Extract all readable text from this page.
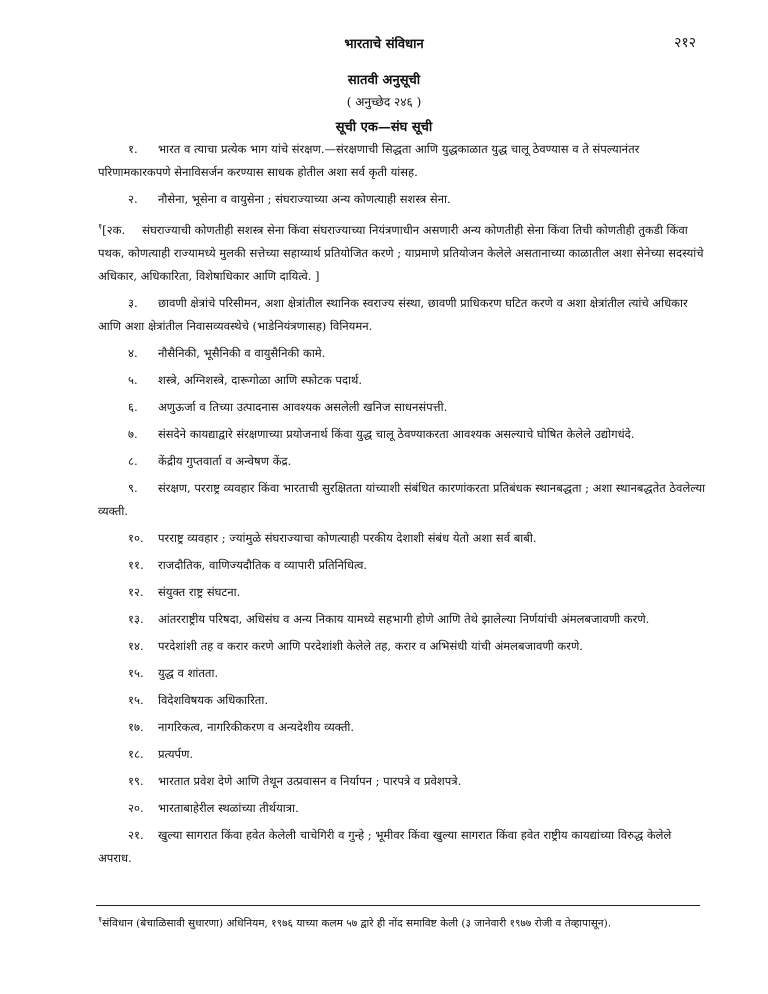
भारताचे संविधान	२१२
सातवी अनुसूची
( अनुच्छेद २४६ )
सूची एक—संघ सूची

१. भारत व त्याचा प्रत्येक भाग यांचे संरक्षण.—संरक्षणाची सिद्धता आणि युद्धकाळात युद्ध चालू ठेवण्यास व ते संपल्यानंतर परिणामकारकपणे सेनाविसर्जन करण्यास साधक होतील अशा सर्व कृती यांसह.

२. नौसेना, भूसेना व वायुसेना ; संघराज्याच्या अन्य कोणत्याही सशस्त्र सेना.

$^१$[२क. संघराज्याची कोणतीही सशस्त्र सेना किंवा संघराज्याच्या नियंत्रणाधीन असणारी अन्य कोणतीही सेना किंवा तिची कोणतीही तुकडी किंवा पथक, कोणत्याही राज्यामध्ये मुलकी सत्तेच्या सहाय्यार्थ प्रतियोजित करणे ; याप्रमाणे प्रतियोजन केलेले असतानाच्या काळातील अशा सेनेच्या सदस्यांचे अधिकार, अधिकारिता, विशेषाधिकार आणि दायित्वे. ]

३. छावणी क्षेत्रांचे परिसीमन, अशा क्षेत्रांतील स्थानिक स्वराज्य संस्था, छावणी प्राधिकरण घटित करणे व अशा क्षेत्रांतील त्यांचे अधिकार आणि अशा क्षेत्रांतील निवासव्यवस्थेचे (भाडेनियंत्रणासह) विनियमन.

४. नौसैनिकी, भूसैनिकी व वायुसैनिकी कामे.

५. शस्त्रे, अग्निशस्त्रे, दारूगोळा आणि स्फोटक पदार्थ.

६. अणुऊर्जा व तिच्या उत्पादनास आवश्यक असलेली खनिज साधनसंपत्ती.

७. संसदेने कायद्याद्वारे संरक्षणाच्या प्रयोजनार्थ किंवा युद्ध चालू ठेवण्याकरता आवश्यक असल्याचे घोषित केलेले उद्योगधंदे.

८. केंद्रीय गुप्तवार्ता व अन्वेषण केंद्र.

९. संरक्षण, परराष्ट्र व्यवहार किंवा भारताची सुरक्षितता यांच्याशी संबंधित कारणांकरता प्रतिबंधक स्थानबद्धता ; अशा स्थानबद्धतेत ठेवलेल्या व्यक्ती.

१०. परराष्ट्र व्यवहार ; ज्यांमुळे संघराज्याचा कोणत्याही परकीय देशाशी संबंध येतो अशा सर्व बाबी.

११. राजदौतिक, वाणिज्यदौतिक व व्यापारी प्रतिनिधित्व.

१२. संयुक्त राष्ट्र संघटना.

१३. आंतरराष्ट्रीय परिषदा, अधिसंघ व अन्य निकाय यामध्ये सहभागी होणे आणि तेथे झालेल्या निर्णयांची अंमलबजावणी करणे.

१४. परदेशांशी तह व करार करणे आणि परदेशांशी केलेले तह, करार व अभिसंधी यांची अंमलबजावणी करणे.

१५. युद्ध व शांतता.

१५. विदेशविषयक अधिकारिता.

१७. नागरिकत्व, नागरिकीकरण व अन्यदेशीय व्यक्ती.

१८. प्रत्यर्पण.

१९. भारतात प्रवेश देणे आणि तेथून उत्प्रवासन व निर्यापन ; पारपत्रे व प्रवेशपत्रे.

२०. भारताबाहेरील स्थळांच्या तीर्थयात्रा.

२१. खुल्या सागरात किंवा हवेत केलेली चाचेगिरी व गुन्हे ; भूमीवर किंवा खुल्या सागरात किंवा हवेत राष्ट्रीय कायद्यांच्या विरुद्ध केलेले अपराध.

$^१$संविधान (बेचाळिसावी सुधारणा) अधिनियम, १९७६ याच्या कलम ५७ द्वारे ही नोंद समाविष्ट केली (३ जानेवारी १९७७ रोजी व तेव्हापासून).
